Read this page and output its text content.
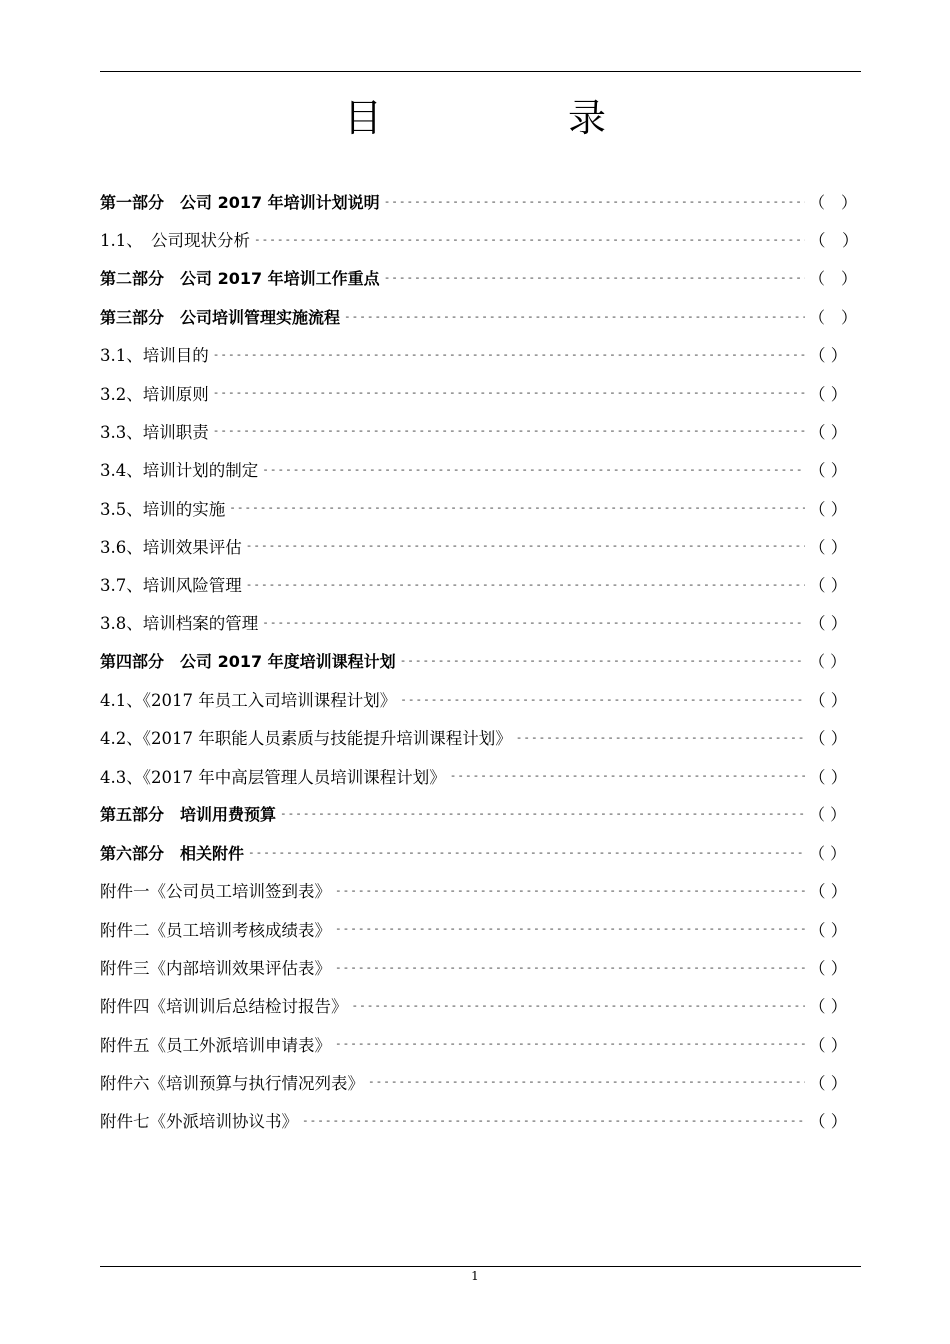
目　录
第一部分　公司 2017 年培训计划说明 -----	（　）
1.1、　公司现状分析 -----	（　）
第二部分　公司 2017 年培训工作重点 -----	（　）
第三部分　公司培训管理实施流程 -----	（　）
3.1、培训目的 -----	（ ）
3.2、培训原则 -----	（ ）
3.3、培训职责 -----	（ ）
3.4、培训计划的制定 -----	（ ）
3.5、培训的实施 -----	（ ）
3.6、培训效果评估 -----	（ ）
3.7、培训风险管理 -----	（ ）
3.8、培训档案的管理 -----	（ ）
第四部分　公司 2017 年度培训课程计划 -----	（ ）
4.1、《2017 年员工入司培训课程计划》 -----	（ ）
4.2、《2017 年职能人员素质与技能提升培训课程计划》 -----	（ ）
4.3、《2017 年中高层管理人员培训课程计划》 -----	（ ）
第五部分　培训用费预算 -----	（ ）
第六部分　相关附件 -----	（ ）
附件一《公司员工培训签到表》 -----	（ ）
附件二《员工培训考核成绩表》 -----	（ ）
附件三《内部培训效果评估表》 -----	（ ）
附件四《培训训后总结检讨报告》 -----	（ ）
附件五《员工外派培训申请表》 -----	（ ）
附件六《培训预算与执行情况列表》 -----	（ ）
附件七《外派培训协议书》 -----	（ ）
1
